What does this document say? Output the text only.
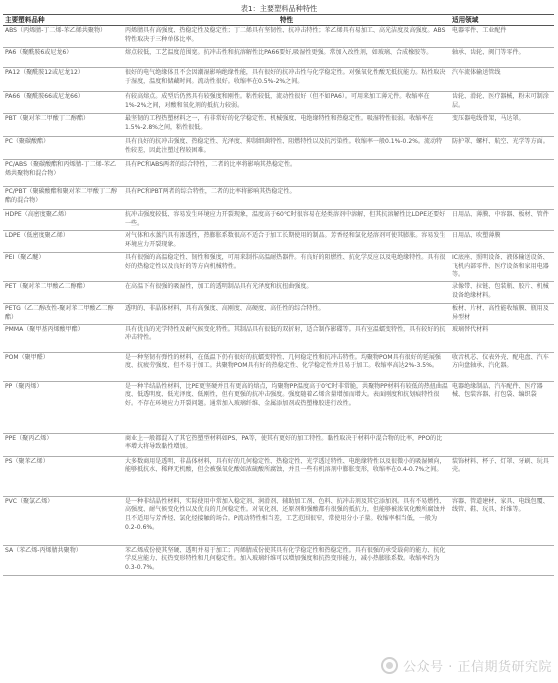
表1：主要塑料品种特性
主要塑料品种	特性	适用领域
ABS（丙烯腈-丁二烯-苯乙烯共聚物）	丙烯腈具有高强度、热稳定性及稳定性；丁二烯具有坚韧性、抗冲击特性；苯乙烯具有易加工、高光洁度及高强度。ABS特性取决于三种单体比率。	电器零件、工业配件
PA6（聚酰胺6或尼龙6）	熔点较低，工艺温度范围宽。抗冲击性和抗溶解性比PA66要好,吸湿性更强。常加入改性剂，如玻璃、合成橡胶等。	轴承、齿轮、阀门等零件。
PA12（聚酰胺12或尼龙12）	很好的电气绝缘体且不会因潮湿影响绝缘性能，具有很好的抗冲击性与化学稳定性。对强氧化性酸无抵抗能力。粘性取决于湿度，温度和储藏时间。流动性很好。收缩率在0.5%-2%之间。	汽车流体输送管线
PA66（聚酰胺66或尼龙66）	有较高熔点。成型后仍然具有较强度和刚性。粘性较低，流动性很好（但不如PA6）。可用来加工薄元件。收缩率在1%-2%之间，对酸和氧化剂的抵抗力较弱。	齿轮、滑轮、医疗器械，粉末可制涂层。
PBT（聚对苯二甲酸丁二醇酯）	最坚韧的工程热塑材料之一，有非常好的化学稳定性、机械强度、电绝缘特性和热稳定性。吸湿特性很弱。收缩率在1.5%-2.8%之间，粘性很低。	变压器电线骨架，马达罩。
PC（聚碳酸酯）	具有良好的抗冲击强度、热稳定性、光泽度、抑制细菌特性、阻燃特性以及抗污染性。收缩率一般0.1%-0.2%。流动特性较差，因此注塑过程较困难。	防护罩、螺杆、航空、光学等方面。
PC/ABS（聚碳酸酯和丙烯腈-丁二烯-苯乙烯共聚物和混合物）	具有PC和ABS两者的综合特性，二者的比率将影响其热稳定性。	
PC/PBT（聚碳酸酯和聚对苯二甲酸丁二醇酯的混合物）	具有PC和PBT两者的综合特性，二者的比率将影响其热稳定性。	
HDPE（高密度聚乙烯）	抗冲击强度较低、容易发生环境应力开裂现象，温度高于60℃时很容易在烃类溶剂中溶解，但其抗溶解性比LDPE还要好一些。	日用品、薄膜、中容器、板材、管件
LDPE（低密度聚乙烯）	对气体和水蒸汽具有渗透性，热膨胀系数很高不适合于加工长期使用的制品。芳香烃和氯化烃溶剂可使其膨胀。容易发生环境应力开裂现象。	日用品、吹塑薄膜
PEI（聚乙醚）	具有很强的高温稳定性、韧性和强度，可用来制作高温耐热器件。有良好的阻燃性、抗化学反应以及电绝缘特性。具有很好的热稳定性以及良好的等方向机械特性。	IC底座、照明设备、液体输送设备、飞机内部零件、医疗设备和家用电器等。
PET（聚对苯二甲酸乙二醇酯）	在高温下有很强的吸湿性，加工的透明制品具有光泽度和抗扭曲强度。	录像带、拉链、包装瓶、胶片、机械设备绝缘材料。
PETG（乙二醇改性-聚对苯二甲酸乙二醇酯）	透明的、非晶体材料，具有高强度、高刚度、高硬度、高任性的综合特性。	板材、片材、高性能收缩膜、瓶用及异型材
PMMA（聚甲基丙烯酸甲酯）	具有优良的光学特性及耐气候变化特性。其制品具有很低的双折射，适合制作影碟等。具有室温蠕变特性，具有较好的抗冲击特性。	玻璃替代材料
POM（聚甲醛）	是一种坚韧有弹性的材料，在低温下仍有很好的抗蠕变特性、几何稳定性和抗冲击特性。均聚物POM具有很好的延展强度、抗疲劳强度、但不易于加工。共聚物POM具有好的热稳定性、化学稳定性并且易于加工。收缩率高达2%-3.5%。	收音机芯、仪表外壳、配电盘、汽车方向盘轴承、汽化器。
PP（聚丙烯）	是一种半结晶性材料，比PE更坚硬并且有更高的熔点，均聚物PP温度高于0℃时非常脆，共聚物PP材料有较低的热扭曲温度、低透明度、低光泽度、低刚性，但有更强的抗冲击强度。强度随着乙烯含量增加而增大。表面刚度和抗划痕特性很好。不存在环境应力开裂问题。通常加入玻璃纤维、金属添加剂或热塑橡胶进行改性。	电器绝缘制品、汽车配件、医疗器械、包装容器、打包袋、编织袋
PPE（聚丙乙烯）	商业上一般都混入了其它热塑型材料如PS、PA等，使其有更好的加工特性。黏性取决于材料中混合物的比率，PPO的比率增大将导致黏性增加。	
PS（聚苯乙烯）	大多数商用是透明、非晶体材料，具有好的几何稳定性、热稳定性、光学透过特性、电绝缘特性以及很微小的吸湿倾向，能够抵抗水、稀释无机酸，但会被强氧化酸如浓硫酸所腐蚀，并且一些有机溶剂中膨胀变形，收缩率在0.4-0.7%之间。	装饰材料、杯子、灯罩、牙刷、玩具壳。
PVC（聚氯乙烯）	是一种非结晶性材料，实际使用中常加入稳定剂、润滑剂、辅助加工剂、色料、抗冲击剂及其它添加剂。具有不易燃性、高强度、耐气候变化性以及优良的几何稳定性。对氧化剂、还原剂和强酸都有很强的抵抗力，但能够被浓氧化酸所腐蚀并且不适用与芳香烃、氯化烃接触的场合。P流动特性相当差，工艺范围很窄，常使用分小子量。收缩率相当低，一般为0.2-0.6%。	容器、管道建材、家具、电线包覆、线管、鞋、玩具、纤维等。
SA（苯乙烯-丙烯腈共聚物）	苯乙烯成份使其坚硬、透明并易于加工；丙烯腈成份使其具有化学稳定性和热稳定性。具有很强的承受载荷的能力、抗化学反应能力、抗热变形特性和几何稳定性。加入玻璃纤维可以增加强度和抗热变形能力，减小热膨胀系数。收缩率约为0.3-0.7%。	
公众号 · 正信期货研究院
